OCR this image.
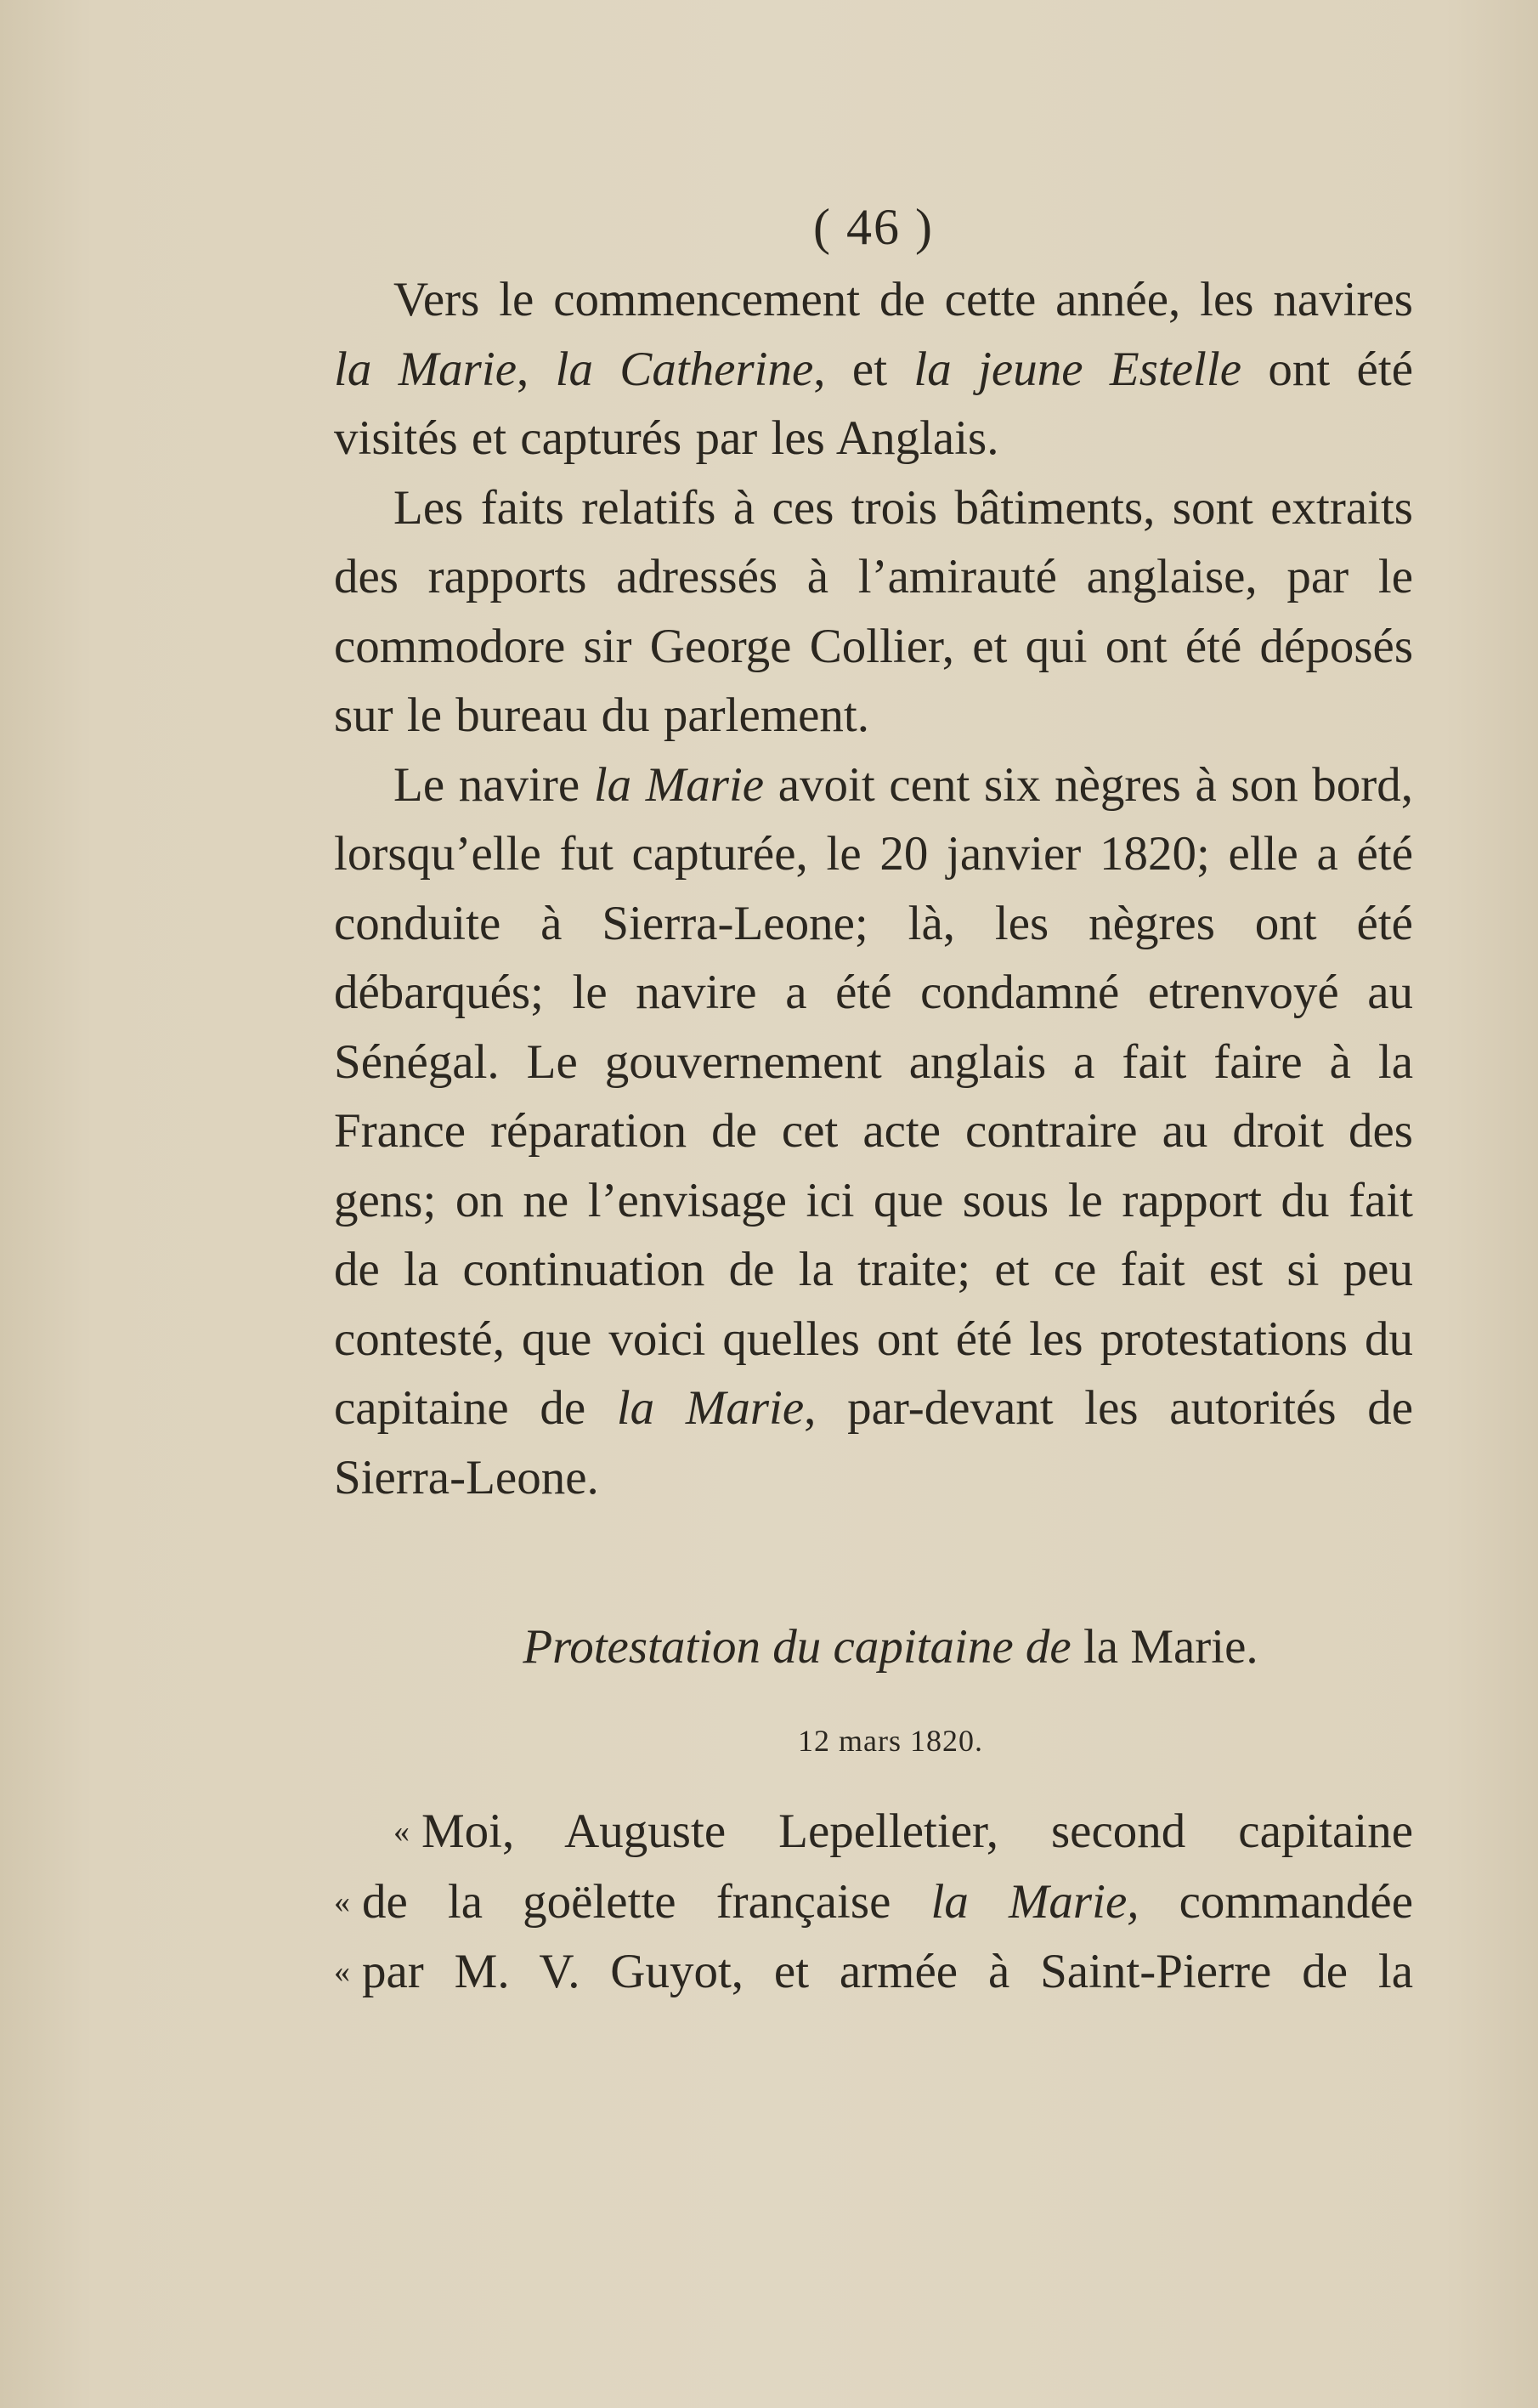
( 46 )

Vers le commencement de cette année, les navires la Marie, la Catherine, et la jeune Estelle ont été visités et capturés par les Anglais.

Les faits relatifs à ces trois bâtiments, sont extraits des rapports adressés à l’amirauté anglaise, par le commodore sir George Collier, et qui ont été déposés sur le bureau du parlement.

Le navire la Marie avoit cent six nègres à son bord, lorsqu’elle fut capturée, le 20 janvier 1820; elle a été conduite à Sierra-Leone; là, les nègres ont été débarqués; le navire a été condamné etrenvoyé au Sénégal. Le gouvernement anglais a fait faire à la France réparation de cet acte contraire au droit des gens; on ne l’envisage ici que sous le rapport du fait de la continuation de la traite; et ce fait est si peu contesté, que voici quelles ont été les protestations du capitaine de la Marie, par-devant les autorités de Sierra-Leone.

Protestation du capitaine de la Marie.
12 mars 1820.
« Moi, Auguste Lepelletier, second capitaine
« de la goëlette française la Marie, commandée
« par M. V. Guyot, et armée à Saint-Pierre de la
